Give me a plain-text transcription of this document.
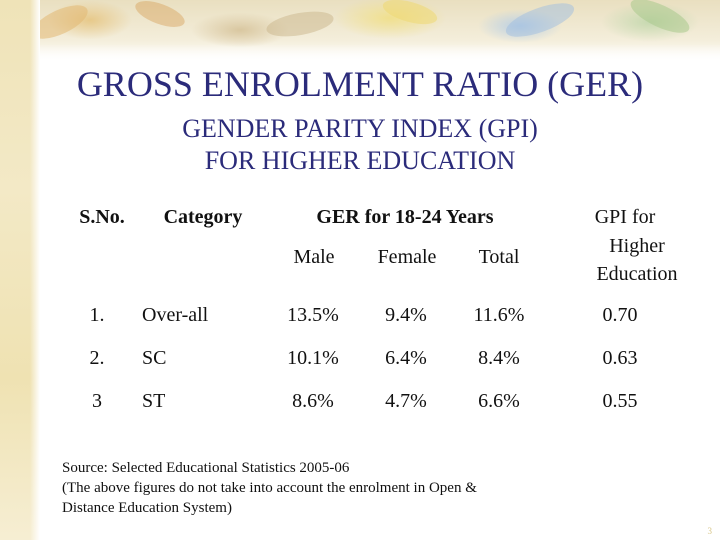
GROSS ENROLMENT RATIO (GER)
GENDER PARITY INDEX (GPI)
FOR HIGHER EDUCATION
S.No.	Category	GER for 18-24 Years
Male	Female	Total
GPI for
Higher
Education
1.	Over-all	13.5%	9.4%	11.6%	0.70
2.	SC	10.1%	6.4%	8.4%	0.63
3	ST	8.6%	4.7%	6.6%	0.55
Source: Selected Educational Statistics 2005-06
(The above figures do not take into account the enrolment in Open &
Distance Education System)
3
